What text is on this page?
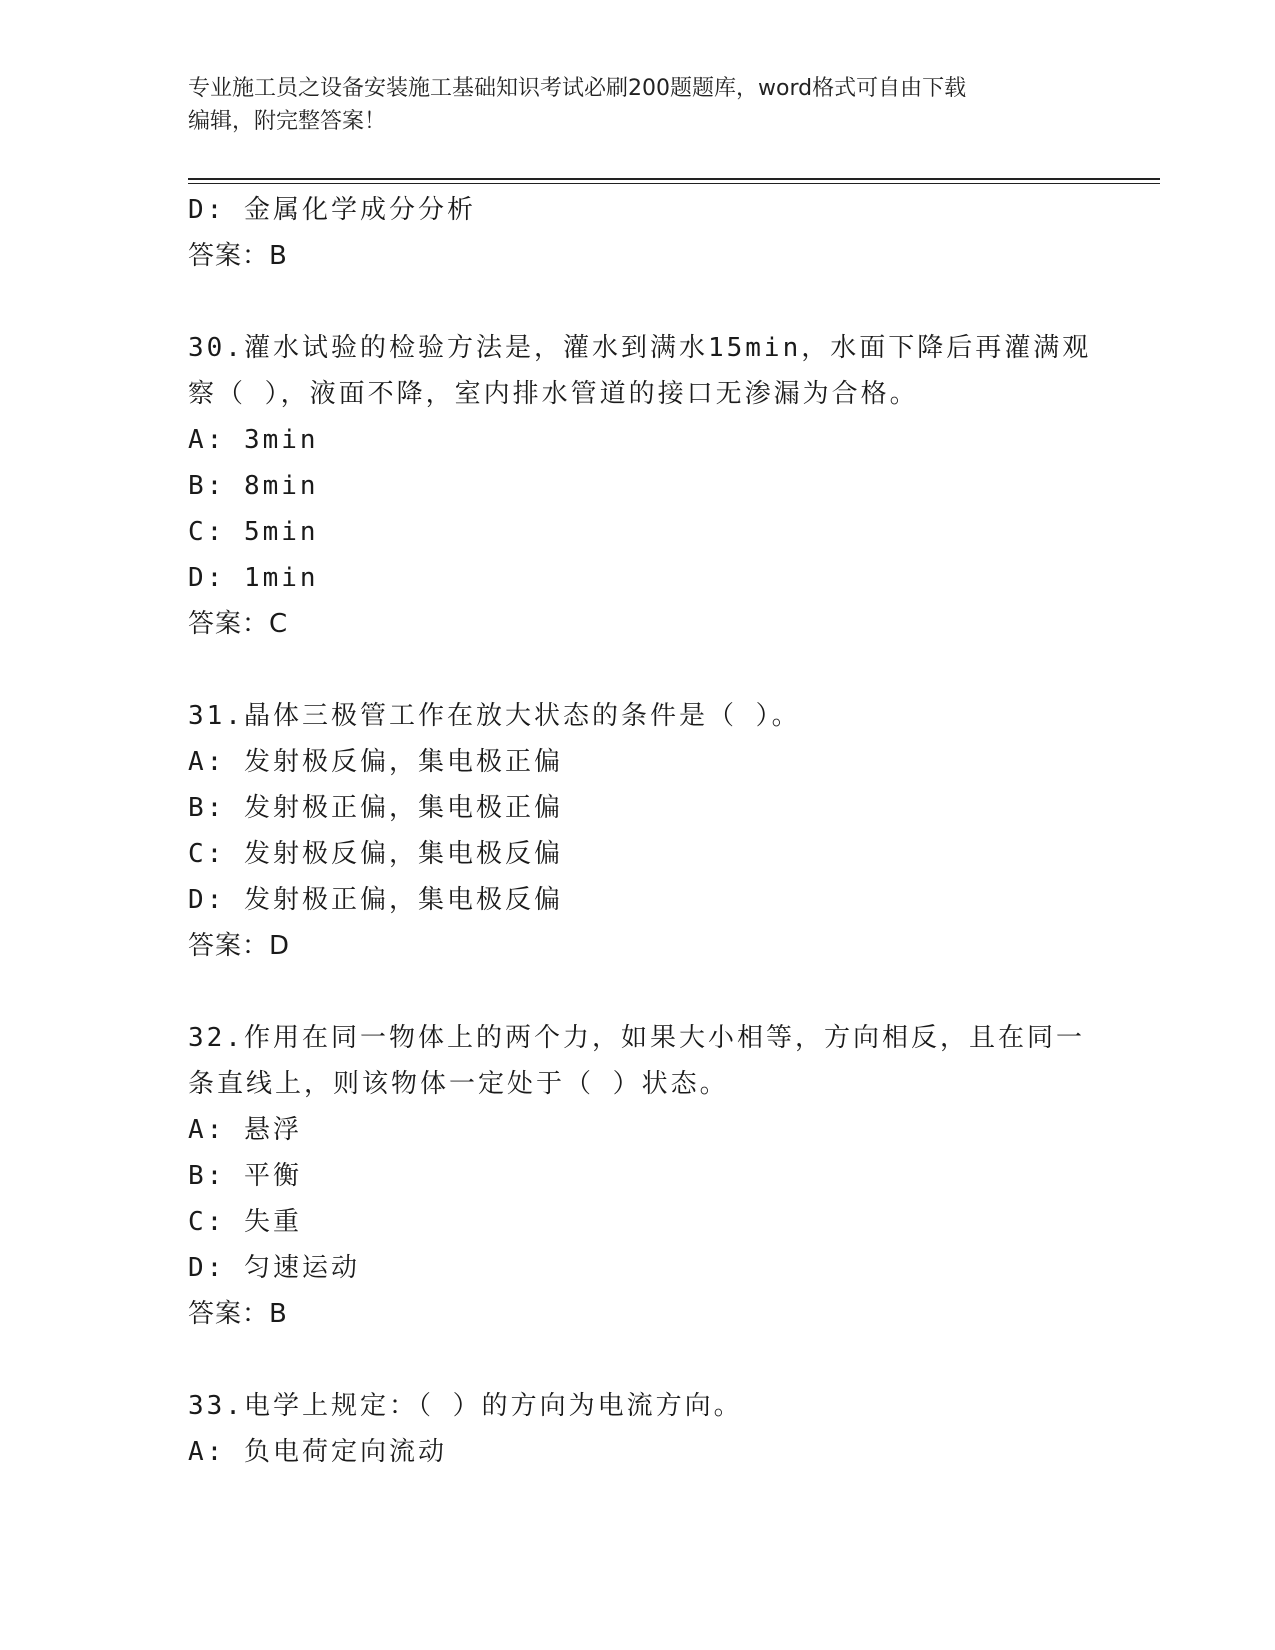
专业施工员之设备安装施工基础知识考试必刷200题题库，word格式可自由下载
编辑，附完整答案！
D: 金属化学成分分析
答案：B
30.灌水试验的检验方法是，灌水到满水15min，水面下降后再灌满观
察（ ），液面不降，室内排水管道的接口无渗漏为合格。
A: 3min
B: 8min
C: 5min
D: 1min
答案：C
31.晶体三极管工作在放大状态的条件是（ ）。
A: 发射极反偏，集电极正偏
B: 发射极正偏，集电极正偏
C: 发射极反偏，集电极反偏
D: 发射极正偏，集电极反偏
答案：D
32.作用在同一物体上的两个力，如果大小相等，方向相反，且在同一
条直线上，则该物体一定处于（ ）状态。
A: 悬浮
B: 平衡
C: 失重
D: 匀速运动
答案：B
33.电学上规定：（ ）的方向为电流方向。
A: 负电荷定向流动
